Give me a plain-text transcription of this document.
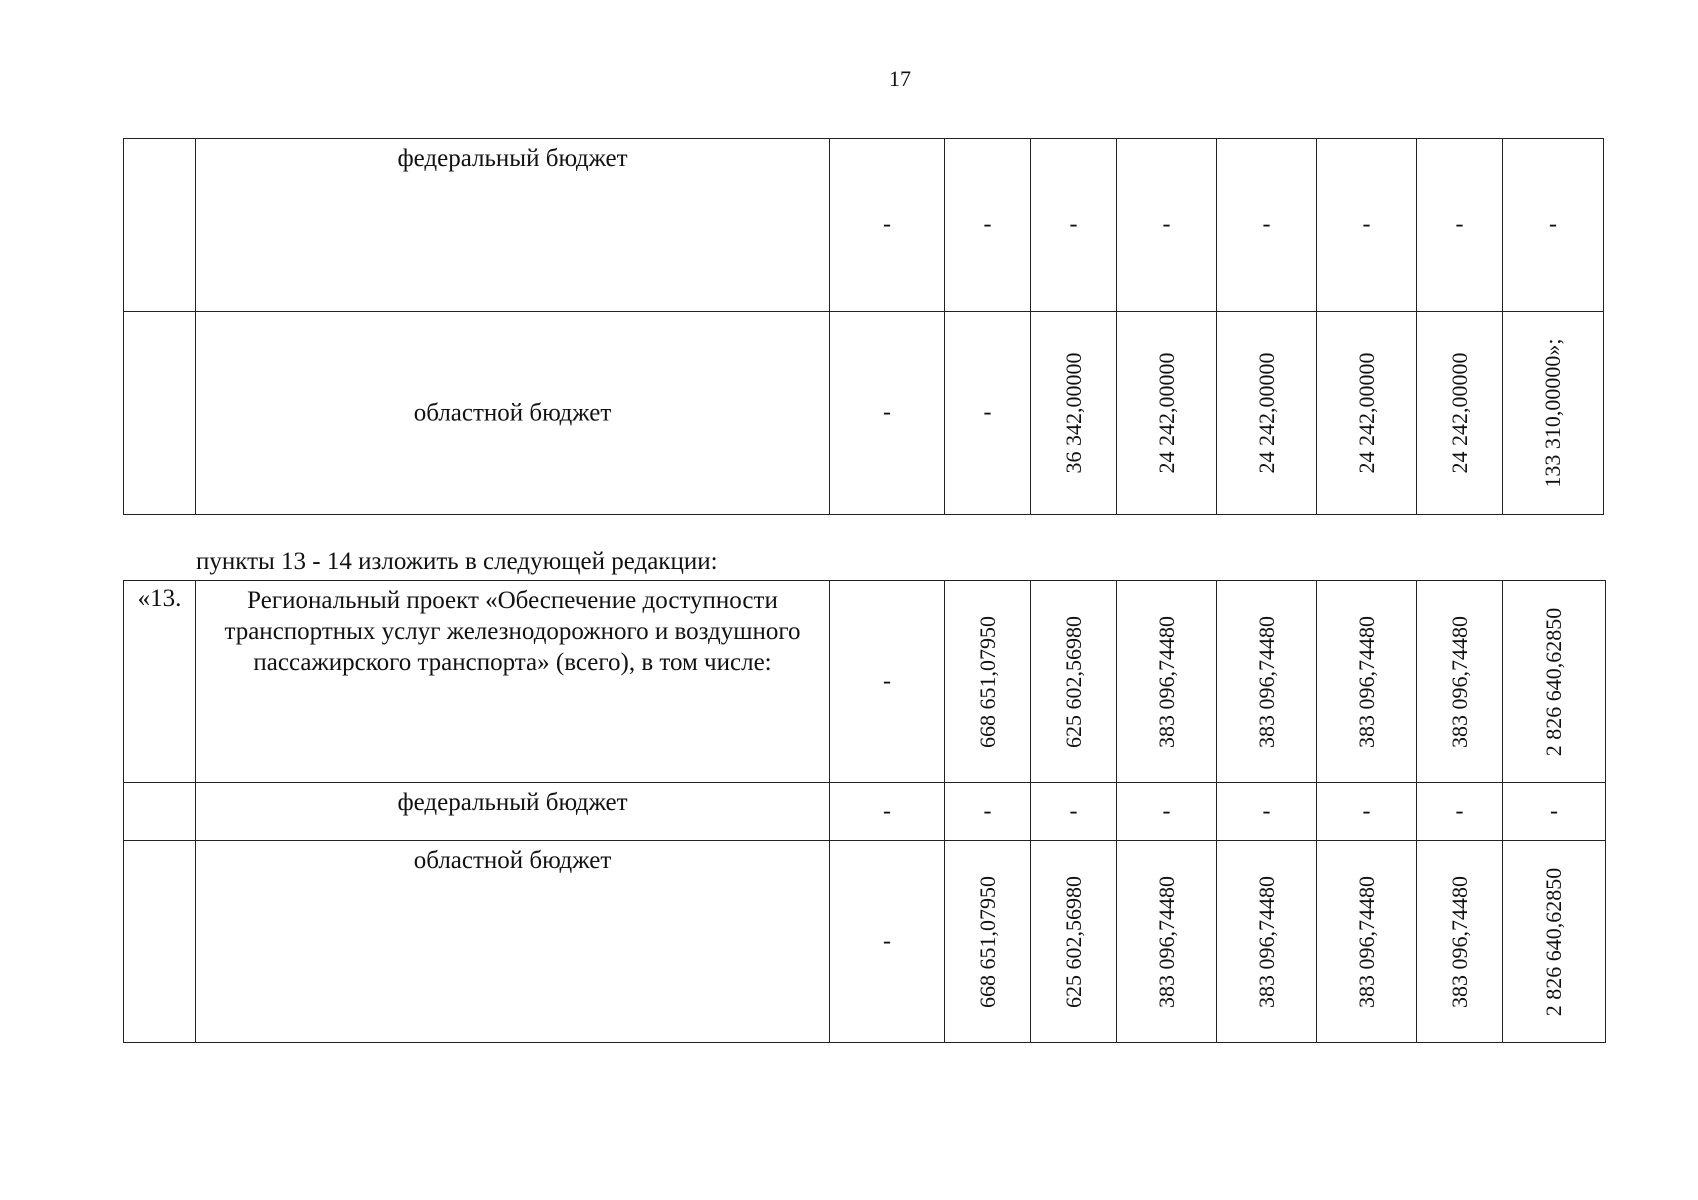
17

	федеральный бюджет	-	-	-	-	-	-	-	-

	областной бюджет	-	-	36 342,00000	24 242,00000	24 242,00000	24 242,00000	24 242,00000	133 310,00000»;
пункты 13 - 14 изложить в следующей редакции:
«13.	Региональный проект «Обеспечение доступности транспортных услуг железнодорожного и воздушного пассажирского транспорта» (всего), в том числе:	-	668 651,07950	625 602,56980	383 096,74480	383 096,74480	383 096,74480	383 096,74480	2 826 640,62850

	федеральный бюджет	-	-	-	-	-	-	-	-

	областной бюджет	-	668 651,07950	625 602,56980	383 096,74480	383 096,74480	383 096,74480	383 096,74480	2 826 640,62850
